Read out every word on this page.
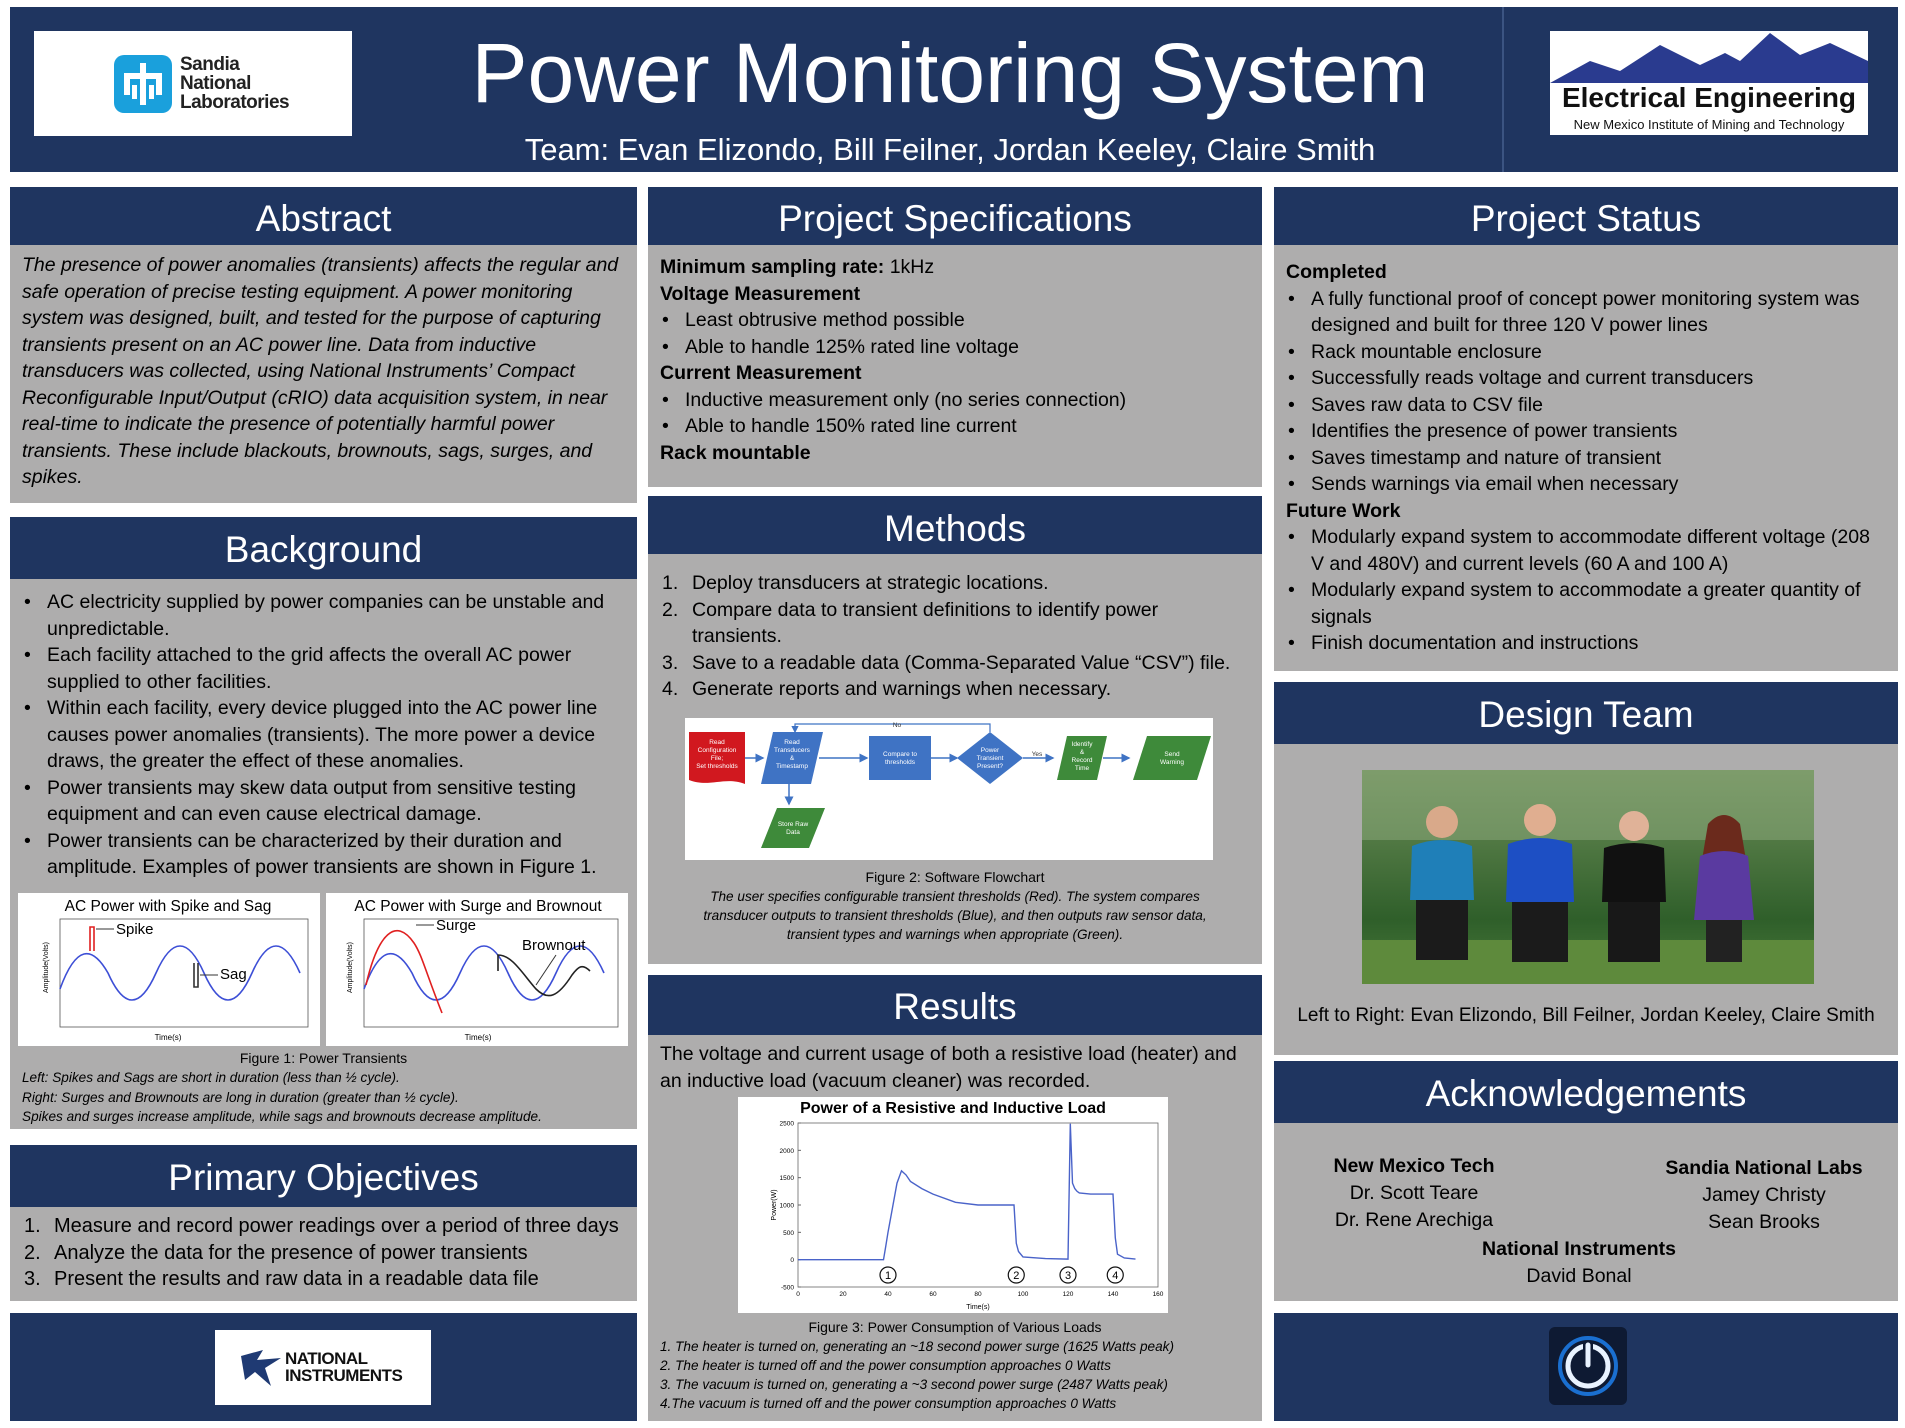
Sandia
National
Laboratories	Power Monitoring System
Team: Evan Elizondo, Bill Feilner, Jordan Keeley, Claire Smith
Electrical Engineering
New Mexico Institute of Mining and Technology
Abstract
The presence of power anomalies (transients) affects the regular and safe operation of precise testing equipment. A power monitoring system was designed, built, and tested for the purpose of capturing transients present on an AC power line. Data from inductive transducers was collected, using National Instruments’ Compact Reconfigurable Input/Output (cRIO) data acquisition system, in near real-time to indicate the presence of potentially harmful power transients. These include blackouts, brownouts, sags, surges, and spikes.
Background
• AC electricity supplied by power companies can be unstable and unpredictable.
• Each facility attached to the grid affects the overall AC power supplied to other facilities.
• Within each facility, every device plugged into the AC power line causes power anomalies (transients). The more power a device draws, the greater the effect of these anomalies.
• Power transients may skew data output from sensitive testing equipment and can even cause electrical damage.
• Power transients can be characterized by their duration and amplitude. Examples of power transients are shown in Figure 1.
AC Power with Spike and Sag
Spike
Sag
Amplitude(Volts)
Time(s)
AC Power with Surge and Brownout
Surge
Brownout
Amplitude(Volts)
Time(s)
Figure 1: Power Transients
Left: Spikes and Sags are short in duration (less than ½ cycle).
Right: Surges and Brownouts are long in duration (greater than ½ cycle).
Spikes and surges increase amplitude, while sags and brownouts decrease amplitude.
Primary Objectives
1. Measure and record power readings over a period of three days
2. Analyze the data for the presence of power transients
3. Present the results and raw data in a readable data file
NATIONAL
INSTRUMENTS
Project Specifications
Minimum sampling rate: 1kHz
Voltage Measurement
• Least obtrusive method possible
• Able to handle 125% rated line voltage
Current Measurement
• Inductive measurement only (no series connection)
• Able to handle 150% rated line current
Rack mountable
Methods
1. Deploy transducers at strategic locations.
2. Compare data to transient definitions to identify power transients.
3. Save to a readable data (Comma-Separated Value “CSV”) file.
4. Generate reports and warnings when necessary.
Read
Configuration
File;
Set thresholds
Read
Transducers
&
Timestamp
Compare to
thresholds
Power
Transient
Present?
No
Yes
Identify
&
Record
Time
Send
Warning
Store Raw
Data
Figure 2: Software Flowchart
The user specifies configurable transient thresholds (Red). The system compares transducer outputs to transient thresholds (Blue), and then outputs raw sensor data, transient types and warnings when appropriate (Green).
Results
The voltage and current usage of both a resistive load (heater) and an inductive load (vacuum cleaner) was recorded.
Power of a Resistive and Inductive Load
-500
0
500
1000
1500
2000
2500
0	20	40	60	80	100	120	140	160
Power(W)
Time(s)
1	2	3	4
Figure 3: Power Consumption of Various Loads
1. The heater is turned on, generating an ~18 second power surge (1625 Watts peak)
2. The heater is turned off and the power consumption approaches 0 Watts
3. The vacuum is turned on, generating a ~3 second power surge (2487 Watts peak)
4.The vacuum is turned off and the power consumption approaches 0 Watts
Project Status
Completed
• A fully functional proof of concept power monitoring system was designed and built for three 120 V power lines
• Rack mountable enclosure
• Successfully reads voltage and current transducers
• Saves raw data to CSV file
• Identifies the presence of power transients
• Saves timestamp and nature of transient
• Sends warnings via email when necessary
Future Work
• Modularly expand system to accommodate different voltage (208 V and 480V) and current levels (60 A and 100 A)
• Modularly expand system to accommodate a greater quantity of signals
• Finish documentation and instructions
Design Team
Left to Right: Evan Elizondo, Bill Feilner, Jordan Keeley, Claire Smith
Acknowledgements
New Mexico Tech
Dr. Scott Teare
Dr. Rene Arechiga
Sandia National Labs
Jamey Christy
Sean Brooks
National Instruments
David Bonal
